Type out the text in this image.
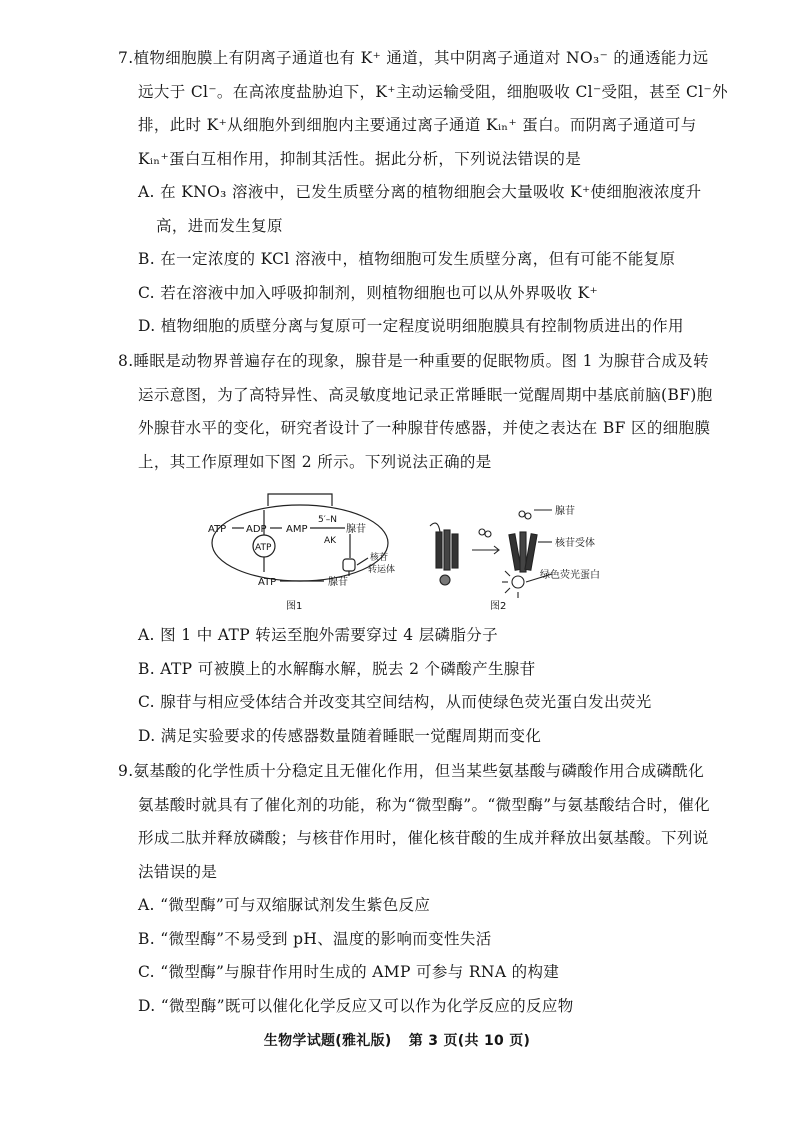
7.植物细胞膜上有阴离子通道也有 K⁺ 通道，其中阴离子通道对 NO₃⁻ 的通透能力远
远大于 Cl⁻。在高浓度盐胁迫下，K⁺主动运输受阻，细胞吸收 Cl⁻受阻，甚至 Cl⁻外
排，此时 K⁺从细胞外到细胞内主要通过离子通道 Kᵢₙ⁺ 蛋白。而阴离子通道可与
Kᵢₙ⁺蛋白互相作用，抑制其活性。据此分析，下列说法错误的是
A. 在 KNO₃ 溶液中，已发生质壁分离的植物细胞会大量吸收 K⁺使细胞液浓度升
高，进而发生复原
B. 在一定浓度的 KCl 溶液中，植物细胞可发生质壁分离，但有可能不能复原
C. 若在溶液中加入呼吸抑制剂，则植物细胞也可以从外界吸收 K⁺
D. 植物细胞的质壁分离与复原可一定程度说明细胞膜具有控制物质进出的作用
8.睡眠是动物界普遍存在的现象，腺苷是一种重要的促眠物质。图 1 为腺苷合成及转
运示意图，为了高特异性、高灵敏度地记录正常睡眠一觉醒周期中基底前脑(BF)胞
外腺苷水平的变化，研究者设计了一种腺苷传感器，并使之表达在 BF 区的细胞膜
上，其工作原理如下图 2 所示。下列说法正确的是
ATP ADP AMP
5′–N
AK
腺苷
ATP
ATP	腺苷
核苷
转运体
图1
腺苷
核苷受体
绿色荧光蛋白
图2
A. 图 1 中 ATP 转运至胞外需要穿过 4 层磷脂分子
B. ATP 可被膜上的水解酶水解，脱去 2 个磷酸产生腺苷
C. 腺苷与相应受体结合并改变其空间结构，从而使绿色荧光蛋白发出荧光
D. 满足实验要求的传感器数量随着睡眠一觉醒周期而变化
9.氨基酸的化学性质十分稳定且无催化作用，但当某些氨基酸与磷酸作用合成磷酰化
氨基酸时就具有了催化剂的功能，称为“微型酶”。“微型酶”与氨基酸结合时，催化
形成二肽并释放磷酸；与核苷作用时，催化核苷酸的生成并释放出氨基酸。下列说
法错误的是
A. “微型酶”可与双缩脲试剂发生紫色反应
B. “微型酶”不易受到 pH、温度的影响而变性失活
C. “微型酶”与腺苷作用时生成的 AMP 可参与 RNA 的构建
D. “微型酶”既可以催化化学反应又可以作为化学反应的反应物
生物学试题(雅礼版) 第 3 页(共 10 页)
